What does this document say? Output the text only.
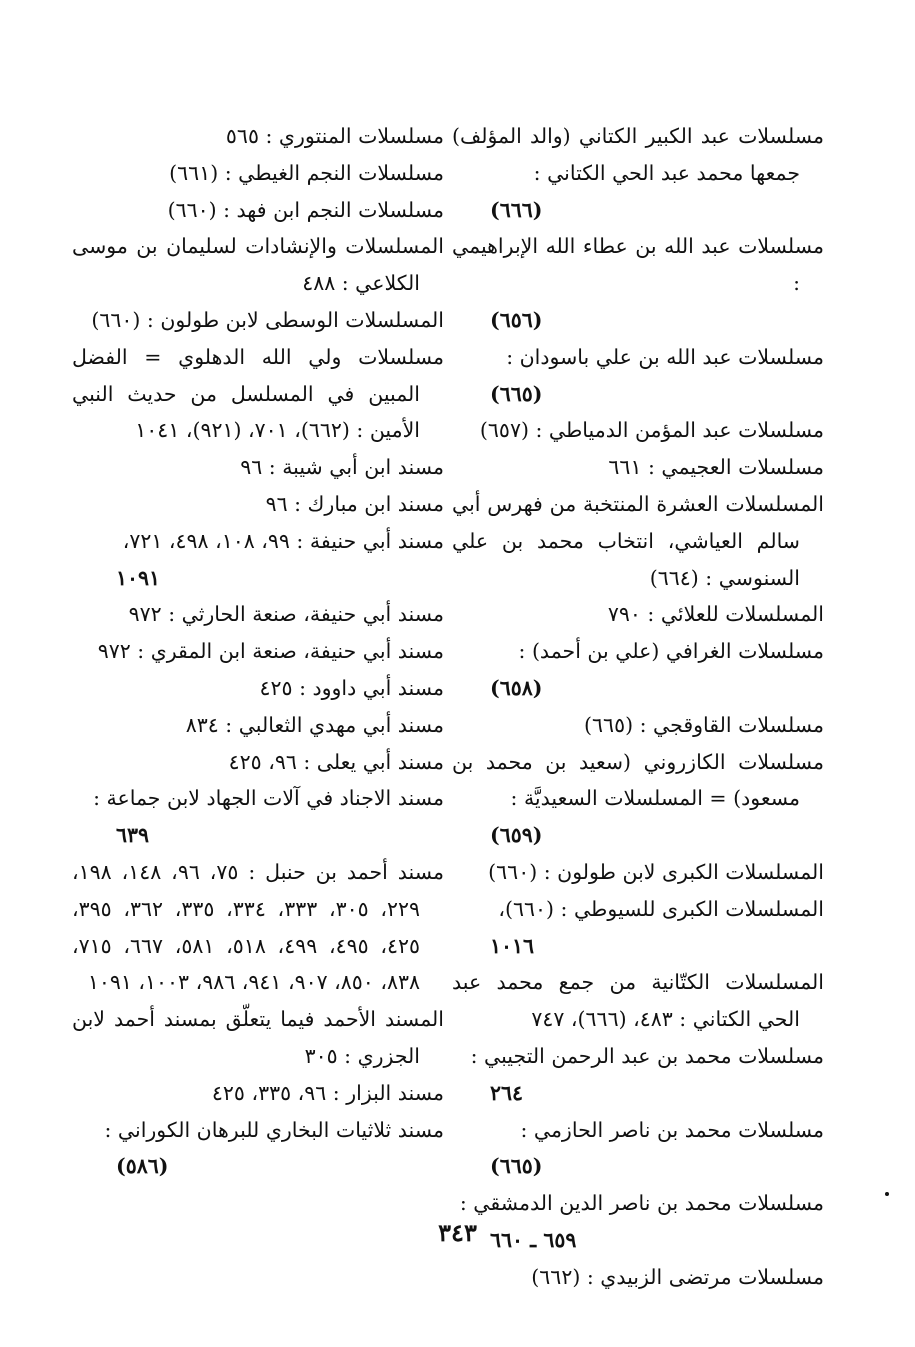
مسلسلات عبد الكبير الكتاني (والد المؤلف) جمعها محمد عبد الحي الكتاني :
(٦٦٦)
مسلسلات عبد الله بن عطاء الله الإبراهيمي :
(٦٥٦)
مسلسلات عبد الله بن علي باسودان :
(٦٦٥)
مسلسلات عبد المؤمن الدمياطي : (٦٥٧)
مسلسلات العجيمي : ٦٦١
المسلسلات العشرة المنتخبة من فهرس أبي سالم العياشي، انتخاب محمد بن علي السنوسي : (٦٦٤)
المسلسلات للعلائي : ٧٩٠
مسلسلات الغرافي (علي بن أحمد) :
(٦٥٨)
مسلسلات القاوقجي : (٦٦٥)
مسلسلات الكازروني (سعيد بن محمد بن مسعود) = المسلسلات السعيديَّة :
(٦٥٩)
المسلسلات الكبرى لابن طولون : (٦٦٠)
المسلسلات الكبرى للسيوطي : (٦٦٠)،
١٠١٦
المسلسلات الكتّانية من جمع محمد عبد الحي الكتاني : ٤٨٣، (٦٦٦)، ٧٤٧
مسلسلات محمد بن عبد الرحمن التجيبي :
٢٦٤
مسلسلات محمد بن ناصر الحازمي :
(٦٦٥)
مسلسلات محمد بن ناصر الدين الدمشقي :
٦٥٩ ـ ٦٦٠
مسلسلات مرتضى الزبيدي : (٦٦٢)
مسلسلات المنتوري : ٥٦٥
مسلسلات النجم الغيطي : (٦٦١)
مسلسلات النجم ابن فهد : (٦٦٠)
المسلسلات والإنشادات لسليمان بن موسى الكلاعي : ٤٨٨
المسلسلات الوسطى لابن طولون : (٦٦٠)
مسلسلات ولي الله الدهلوي = الفضل المبين في المسلسل من حديث النبي الأمين : (٦٦٢)، ٧٠١، (٩٢١)، ١٠٤١
مسند ابن أبي شيبة : ٩٦
مسند ابن مبارك : ٩٦
مسند أبي حنيفة : ٩٩، ١٠٨، ٤٩٨، ٧٢١،
١٠٩١
مسند أبي حنيفة، صنعة الحارثي : ٩٧٢
مسند أبي حنيفة، صنعة ابن المقري : ٩٧٢
مسند أبي داوود : ٤٢٥
مسند أبي مهدي الثعالبي : ٨٣٤
مسند أبي يعلى : ٩٦، ٤٢٥
مسند الاجناد في آلات الجهاد لابن جماعة :
٦٣٩
مسند أحمد بن حنبل : ٧٥، ٩٦، ١٤٨، ١٩٨، ٢٢٩، ٣٠٥، ٣٣٣، ٣٣٤، ٣٣٥، ٣٦٢، ٣٩٥، ٤٢٥، ٤٩٥، ٤٩٩، ٥١٨، ٥٨١، ٦٦٧، ٧١٥، ٨٣٨، ٨٥٠، ٩٠٧، ٩٤١، ٩٨٦، ١٠٠٣، ١٠٩١
المسند الأحمد فيما يتعلّق بمسند أحمد لابن الجزري : ٣٠٥
مسند البزار : ٩٦، ٣٣٥، ٤٢٥
مسند ثلاثيات البخاري للبرهان الكوراني :
(٥٨٦)
٣٤٣
